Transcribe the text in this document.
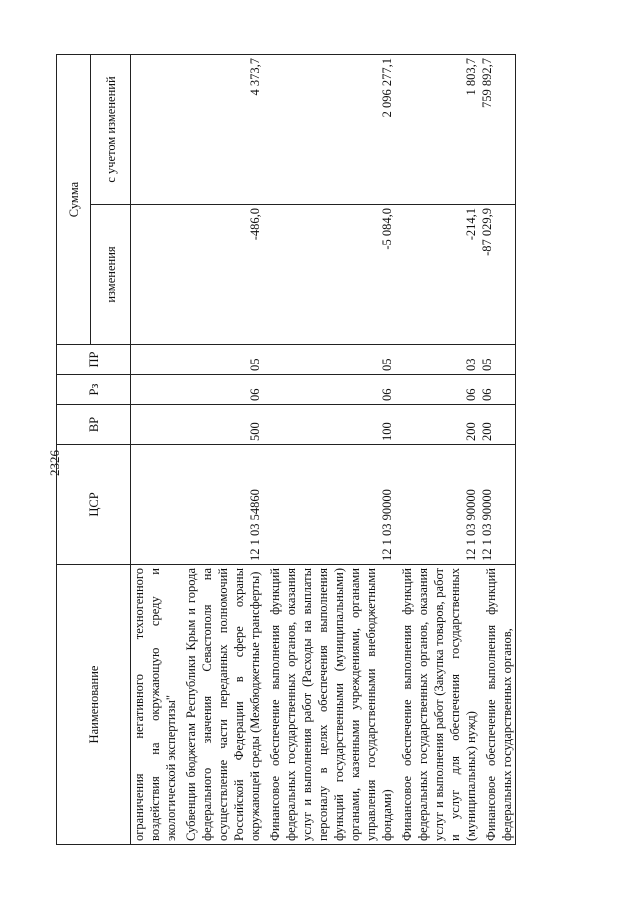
2326
Наименование	ЦСР	ВР	Рз	ПР	Сумма	
					изменения	с учетом изменений
ограничения негативного техногенного воздействия на окружающую среду и экологической экспертизы"						
Субвенции бюджетам Республики Крым и города федерального значения Севастополя на осуществление части переданных полномочий Российской Федерации в сфере охраны окружающей среды (Межбюджетные трансферты)	12 1 03 54860	500	06	05	-486,0	4 373,7
Финансовое обеспечение выполнения функций федеральных государственных органов, оказания услуг и выполнения работ (Расходы на выплаты персоналу в целях обеспечения выполнения функций государственными (муниципальными) органами, казенными учреждениями, органами управления государственными внебюджетными фондами)	12 1 03 90000	100	06	05	-5 084,0	2 096 277,1
Финансовое обеспечение выполнения функций федеральных государственных органов, оказания услуг и выполнения работ (Закупка товаров, работ и услуг для обеспечения государственных (муниципальных) нужд)	12 1 03 90000	200	06	03	-214,1	1 803,7
Финансовое обеспечение выполнения функций федеральных государственных органов,	12 1 03 90000	200	06	05	-87 029,9	759 892,7
